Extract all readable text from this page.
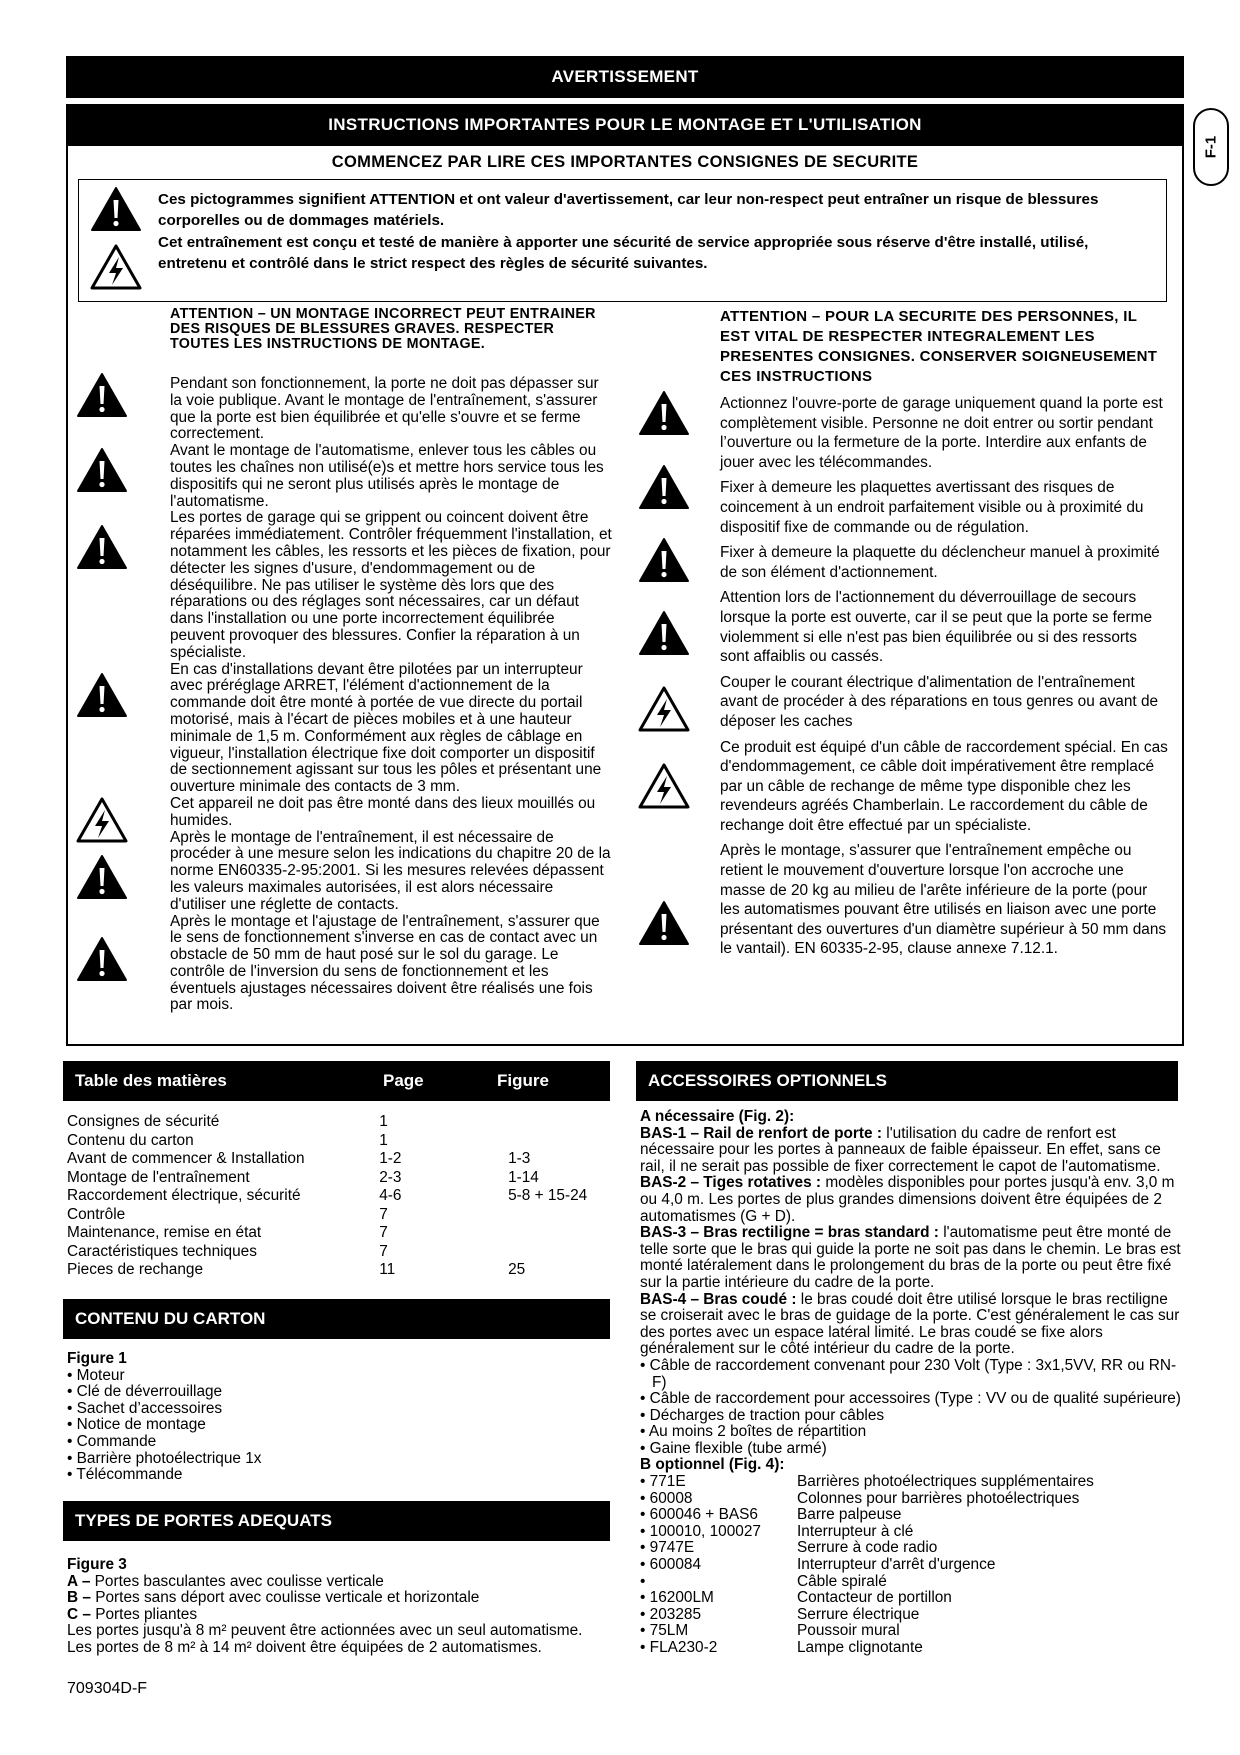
AVERTISSEMENT
INSTRUCTIONS IMPORTANTES POUR LE MONTAGE ET L'UTILISATION
F-1
COMMENCEZ PAR LIRE CES IMPORTANTES CONSIGNES DE SECURITE
Ces pictogrammes signifient ATTENTION et ont valeur d'avertissement, car leur non-respect peut entraîner un risque de blessures corporelles ou de dommages matériels.
Cet entraînement est conçu et testé de manière à apporter une sécurité de service appropriée sous réserve d'être installé, utilisé, entretenu et contrôlé dans le strict respect des règles de sécurité suivantes.
ATTENTION – UN MONTAGE INCORRECT PEUT ENTRAINER DES RISQUES DE BLESSURES GRAVES. RESPECTER TOUTES LES INSTRUCTIONS DE MONTAGE.

Pendant son fonctionnement, la porte ne doit pas dépasser sur la voie publique. Avant le montage de l'entraînement, s'assurer que la porte est bien équilibrée et qu'elle s'ouvre et se ferme correctement.

Avant le montage de l'automatisme, enlever tous les câbles ou toutes les chaînes non utilisé(e)s et mettre hors service tous les dispositifs qui ne seront plus utilisés après le montage de l'automatisme.

Les portes de garage qui se grippent ou coincent doivent être réparées immédiatement. Contrôler fréquemment l'installation, et notamment les câbles, les ressorts et les pièces de fixation, pour détecter les signes d'usure, d'endommagement ou de déséquilibre. Ne pas utiliser le système dès lors que des réparations ou des réglages sont nécessaires, car un défaut dans l'installation ou une porte incorrectement équilibrée peuvent provoquer des blessures. Confier la réparation à un spécialiste.

En cas d'installations devant être pilotées par un interrupteur avec préréglage ARRET, l'élément d'actionnement de la commande doit être monté à portée de vue directe du portail motorisé, mais à l'écart de pièces mobiles et à une hauteur minimale de 1,5 m. Conformément aux règles de câblage en vigueur, l'installation électrique fixe doit comporter un dispositif de sectionnement agissant sur tous les pôles et présentant une ouverture minimale des contacts de 3 mm.

Cet appareil ne doit pas être monté dans des lieux mouillés ou humides.

Après le montage de l'entraînement, il est nécessaire de procéder à une mesure selon les indications du chapitre 20 de la norme EN60335-2-95:2001. Si les mesures relevées dépassent les valeurs maximales autorisées, il est alors nécessaire d'utiliser une réglette de contacts.

Après le montage et l'ajustage de l'entraînement, s'assurer que le sens de fonctionnement s'inverse en cas de contact avec un obstacle de 50 mm de haut posé sur le sol du garage. Le contrôle de l'inversion du sens de fonctionnement et les éventuels ajustages nécessaires doivent être réalisés une fois par mois.

ATTENTION – POUR LA SECURITE DES PERSONNES, IL EST VITAL DE RESPECTER INTEGRALEMENT LES PRESENTES CONSIGNES. CONSERVER SOIGNEUSEMENT CES INSTRUCTIONS

Actionnez l'ouvre-porte de garage uniquement quand la porte est complètement visible. Personne ne doit entrer ou sortir pendant l’ouverture ou la fermeture de la porte. Interdire aux enfants de jouer avec les télécommandes.

Fixer à demeure les plaquettes avertissant des risques de coincement à un endroit parfaitement visible ou à proximité du dispositif fixe de commande ou de régulation.

Fixer à demeure la plaquette du déclencheur manuel à proximité de son élément d'actionnement.

Attention lors de l'actionnement du déverrouillage de secours lorsque la porte est ouverte, car il se peut que la porte se ferme violemment si elle n'est pas bien équilibrée ou si des ressorts sont affaiblis ou cassés.

Couper le courant électrique d'alimentation de l'entraînement avant de procéder à des réparations en tous genres ou avant de déposer les caches

Ce produit est équipé d'un câble de raccordement spécial. En cas d'endommagement, ce câble doit impérativement être remplacé par un câble de rechange de même type disponible chez les revendeurs agréés Chamberlain. Le raccordement du câble de rechange doit être effectué par un spécialiste.

Après le montage, s'assurer que l'entraînement empêche ou retient le mouvement d'ouverture lorsque l'on accroche une masse de 20 kg au milieu de l'arête inférieure de la porte (pour les automatismes pouvant être utilisés en liaison avec une porte présentant des ouvertures d'un diamètre supérieur à 50 mm dans le vantail). EN 60335-2-95, clause annexe 7.12.1.

Table des matières	Page	Figure
Consignes de sécurité	1
Contenu du carton	1
Avant de commencer & Installation	1-2	1-3
Montage de l'entraînement	2-3	1-14
Raccordement électrique, sécurité	4-6	5-8 + 15-24
Contrôle	7
Maintenance, remise en état	7
Caractéristiques techniques	7
Pieces de rechange	11	25
CONTENU DU CARTON
Figure 1
• Moteur
• Clé de déverrouillage
• Sachet d’accessoires
• Notice de montage
• Commande
• Barrière photoélectrique 1x
• Télécommande
TYPES DE PORTES ADEQUATS
Figure 3
A – Portes basculantes avec coulisse verticale
B – Portes sans déport avec coulisse verticale et horizontale
C – Portes pliantes
Les portes jusqu'à 8 m² peuvent être actionnées avec un seul automatisme.
Les portes de 8 m² à 14 m² doivent être équipées de 2 automatismes.
709304D-F
ACCESSOIRES OPTIONNELS

A nécessaire (Fig. 2):

BAS-1 – Rail de renfort de porte : l'utilisation du cadre de renfort est nécessaire pour les portes à panneaux de faible épaisseur. En effet, sans ce rail, il ne serait pas possible de fixer correctement le capot de l'automatisme.

BAS-2 – Tiges rotatives : modèles disponibles pour portes jusqu'à env. 3,0 m ou 4,0 m. Les portes de plus grandes dimensions doivent être équipées de 2 automatismes (G + D).

BAS-3 – Bras rectiligne = bras standard : l'automatisme peut être monté de telle sorte que le bras qui guide la porte ne soit pas dans le chemin. Le bras est monté latéralement dans le prolongement du bras de la porte ou peut être fixé sur la partie intérieure du cadre de la porte.

BAS-4 – Bras coudé : le bras coudé doit être utilisé lorsque le bras rectiligne se croiserait avec le bras de guidage de la porte. C'est généralement le cas sur des portes avec un espace latéral limité. Le bras coudé se fixe alors généralement sur le côté intérieur du cadre de la porte.

• Câble de raccordement convenant pour 230 Volt (Type : 3x1,5VV, RR ou RN-F)
• Câble de raccordement pour accessoires (Type : VV ou de qualité supérieure)
• Décharges de traction pour câbles
• Au moins 2 boîtes de répartition
• Gaine flexible (tube armé)

B optionnel (Fig. 4):

• 771E	Barrières photoélectriques supplémentaires
• 60008	Colonnes pour barrières photoélectriques
• 600046 + BAS6	Barre palpeuse
• 100010, 100027	Interrupteur à clé
• 9747E	Serrure à code radio
• 600084	Interrupteur d'arrêt d'urgence
•	Câble spiralé
• 16200LM	Contacteur de portillon
• 203285	Serrure électrique
• 75LM	Poussoir mural
• FLA230-2	Lampe clignotante
